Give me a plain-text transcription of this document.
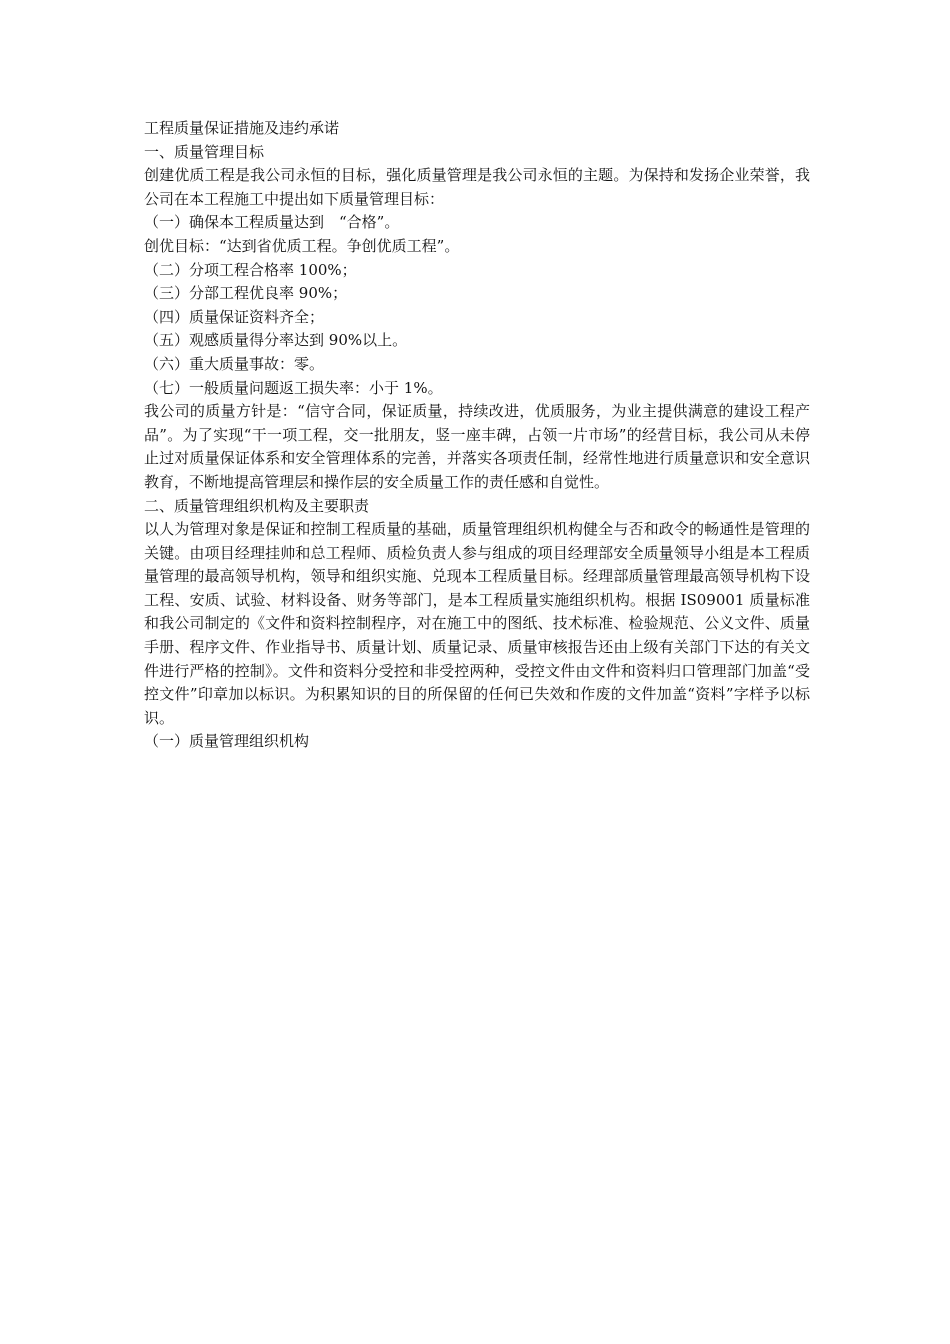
工程质量保证措施及违约承诺

一、质量管理目标

创建优质工程是我公司永恒的目标，强化质量管理是我公司永恒的主题。为保持和发扬企业荣誉，我公司在本工程施工中提出如下质量管理目标：

（一）确保本工程质量达到　“合格”。

创优目标：“达到省优质工程。争创优质工程”。

（二）分项工程合格率 100%；

（三）分部工程优良率 90%；

（四）质量保证资料齐全；

（五）观感质量得分率达到 90%以上。

（六）重大质量事故：零。

（七）一般质量问题返工损失率：小于 1%。

我公司的质量方针是：“信守合同，保证质量，持续改进，优质服务，为业主提供满意的建设工程产品”。为了实现“干一项工程，交一批朋友，竖一座丰碑，占领一片市场”的经营目标，我公司从未停止过对质量保证体系和安全管理体系的完善，并落实各项责任制，经常性地进行质量意识和安全意识教育，不断地提高管理层和操作层的安全质量工作的责任感和自觉性。

二、质量管理组织机构及主要职责

以人为管理对象是保证和控制工程质量的基础，质量管理组织机构健全与否和政令的畅通性是管理的关键。由项目经理挂帅和总工程师、质检负责人参与组成的项目经理部安全质量领导小组是本工程质量管理的最高领导机构，领导和组织实施、兑现本工程质量目标。经理部质量管理最高领导机构下设工程、安质、试验、材料设备、财务等部门，是本工程质量实施组织机构。根据 IS09001 质量标准和我公司制定的《文件和资料控制程序，对在施工中的图纸、技术标准、检验规范、公义文件、质量手册、程序文件、作业指导书、质量计划、质量记录、质量审核报告还由上级有关部门下达的有关文件进行严格的控制》。文件和资料分受控和非受控两种，受控文件由文件和资料归口管理部门加盖“受控文件”印章加以标识。为积累知识的目的所保留的任何已失效和作废的文件加盖“资料”字样予以标识。

（一）质量管理组织机构
